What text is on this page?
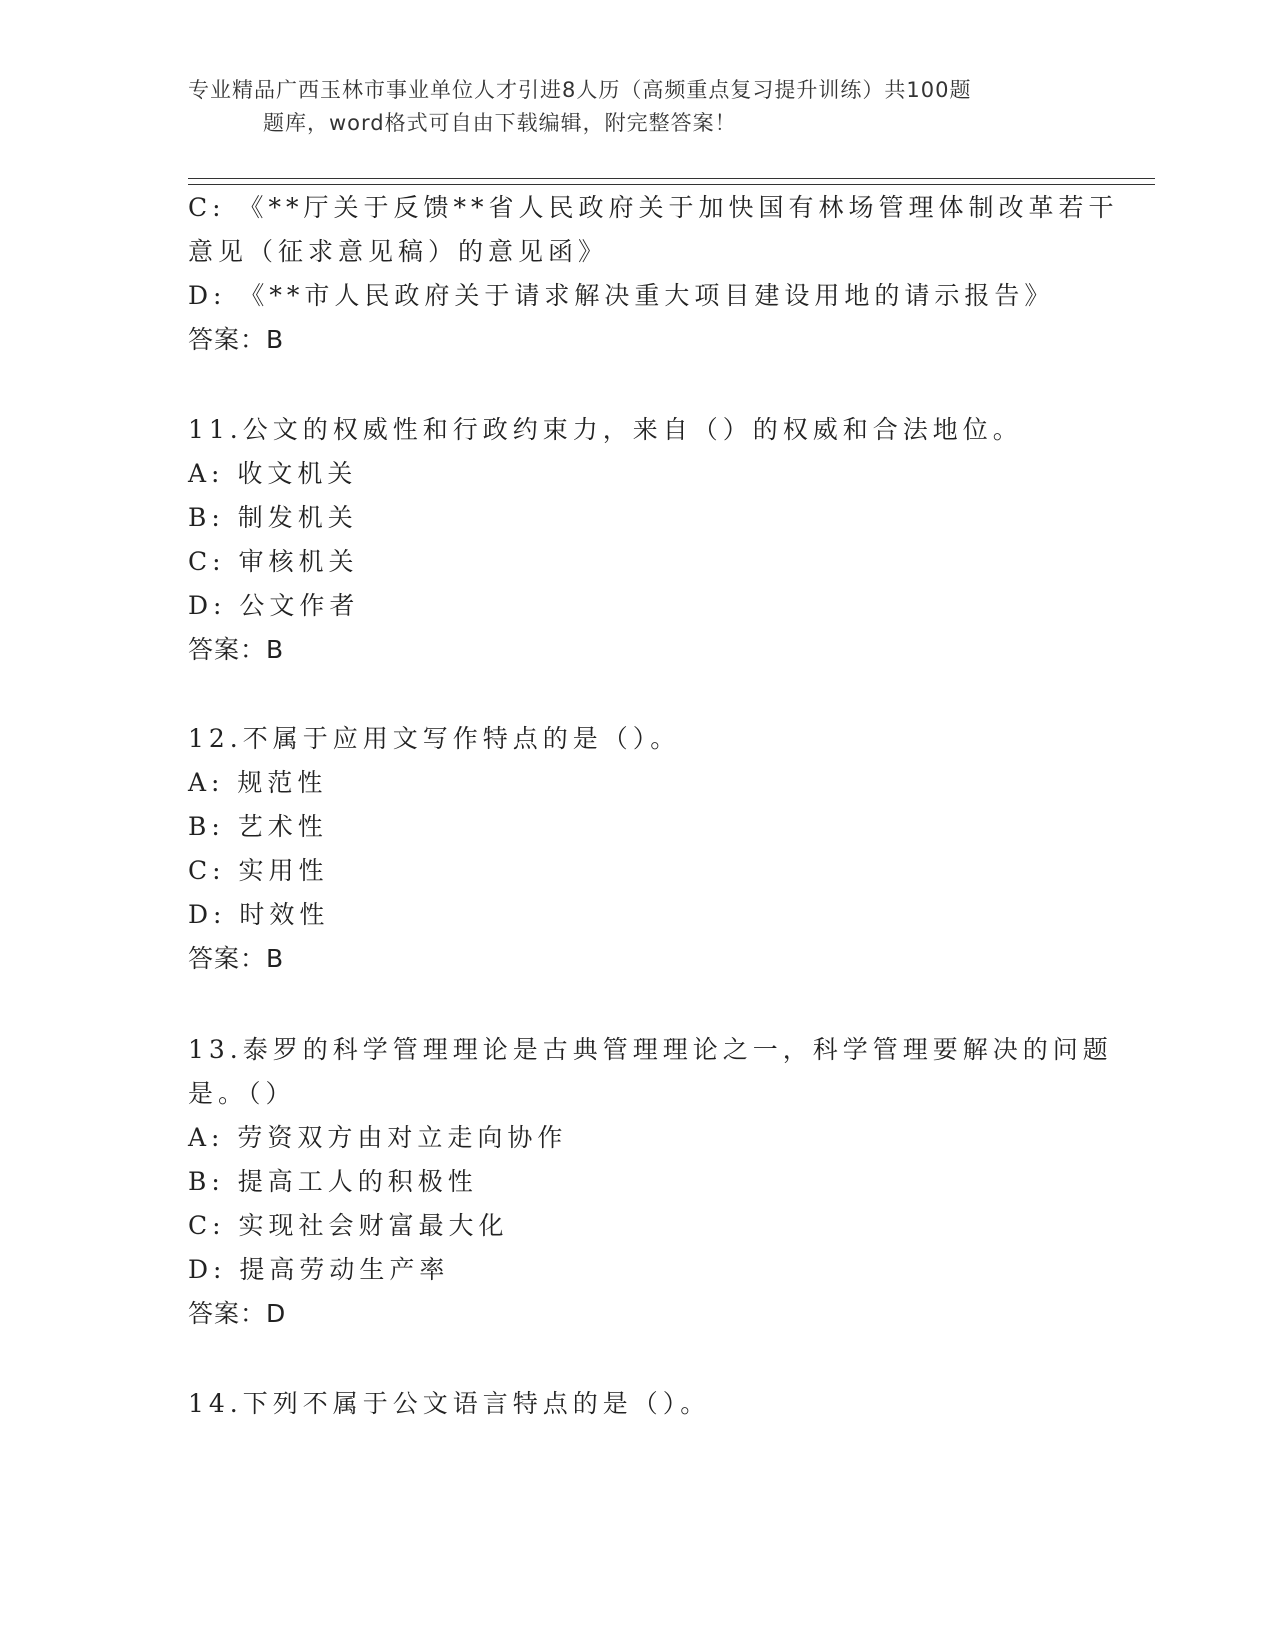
专业精品广西玉林市事业单位人才引进8人历（高频重点复习提升训练）共100题
题库，word格式可自由下载编辑，附完整答案！
C: 《**厅关于反馈**省人民政府关于加快国有林场管理体制改革若干
意见（征求意见稿）的意见函》
D: 《**市人民政府关于请求解决重大项目建设用地的请示报告》
答案：B
11.公文的权威性和行政约束力，来自（）的权威和合法地位。
A: 收文机关
B: 制发机关
C: 审核机关
D: 公文作者
答案：B
12.不属于应用文写作特点的是（）。
A: 规范性
B: 艺术性
C: 实用性
D: 时效性
答案：B
13.泰罗的科学管理理论是古典管理理论之一，科学管理要解决的问题
是。（）
A: 劳资双方由对立走向协作
B: 提高工人的积极性
C: 实现社会财富最大化
D: 提高劳动生产率
答案：D
14.下列不属于公文语言特点的是（）。
